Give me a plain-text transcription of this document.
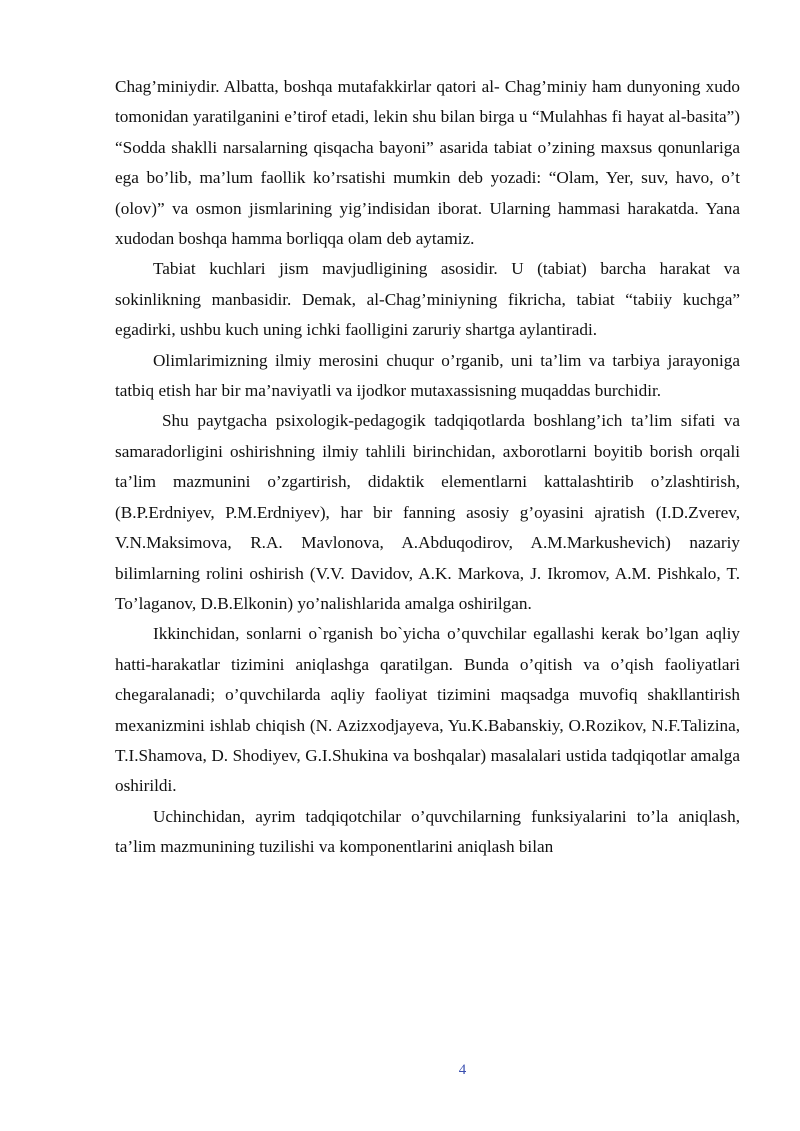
Chag’miniydir. Albatta, boshqa mutafakkirlar qatori al- Chag’miniy ham dunyoning xudo tomonidan yaratilganini e’tirof etadi, lekin shu bilan birga u “Mulahhas fi hayat al-basita”) “Sodda shaklli narsalarning qisqacha bayoni” asarida tabiat o’zining maxsus qonunlariga ega bo’lib, ma’lum faollik ko’rsatishi mumkin deb yozadi: “Olam, Yer, suv, havo, o’t (olov)” va osmon jismlarining yig’indisidan iborat. Ularning hammasi harakatda. Yana xudodan boshqa hamma borliqqa olam deb aytamiz.

Tabiat kuchlari jism mavjudligining asosidir. U (tabiat) barcha harakat va sokinlikning manbasidir. Demak, al-Chag’miniyning fikricha, tabiat “tabiiy kuchga” egadirki, ushbu kuch uning ichki faolligini zaruriy shartga aylantiradi.

Olimlarimizning ilmiy merosini chuqur o’rganib, uni ta’lim va tarbiya jarayoniga tatbiq etish har bir ma’naviyatli va ijodkor mutaxassisning muqaddas burchidir.

Shu paytgacha psixologik-pedagogik tadqiqotlarda boshlang’ich ta’lim sifati va samaradorligini oshirishning ilmiy tahlili birinchidan, axborotlarni boyitib borish orqali ta’lim mazmunini o’zgartirish, didaktik elementlarni kattalashtirib o’zlashtirish, (B.P.Erdniyev, P.M.Erdniyev), har bir fanning asosiy g’oyasini ajratish (I.D.Zverev, V.N.Maksimova, R.A. Mavlonova, A.Abduqodirov, A.M.Markushevich) nazariy bilimlarning rolini oshirish (V.V. Davidov, A.K. Markova, J. Ikromov, A.M. Pishkalo, T. To’laganov, D.B.Elkonin) yo’nalishlarida amalga oshirilgan.

Ikkinchidan, sonlarni o`rganish bo`yicha o’quvchilar egallashi kerak bo’lgan aqliy hatti-harakatlar tizimini aniqlashga qaratilgan. Bunda o’qitish va o’qish faoliyatlari chegaralanadi; o’quvchilarda aqliy faoliyat tizimini maqsadga muvofiq shakllantirish mexanizmini ishlab chiqish (N. Azizxodjayeva, Yu.K.Babanskiy, O.Rozikov, N.F.Talizina, T.I.Shamova, D. Shodiyev, G.I.Shukina va boshqalar) masalalari ustida tadqiqotlar amalga oshirildi.

Uchinchidan, ayrim tadqiqotchilar o’quvchilarning funksiyalarini to’la aniqlash, ta’lim mazmunining tuzilishi va komponentlarini aniqlash bilan

4
